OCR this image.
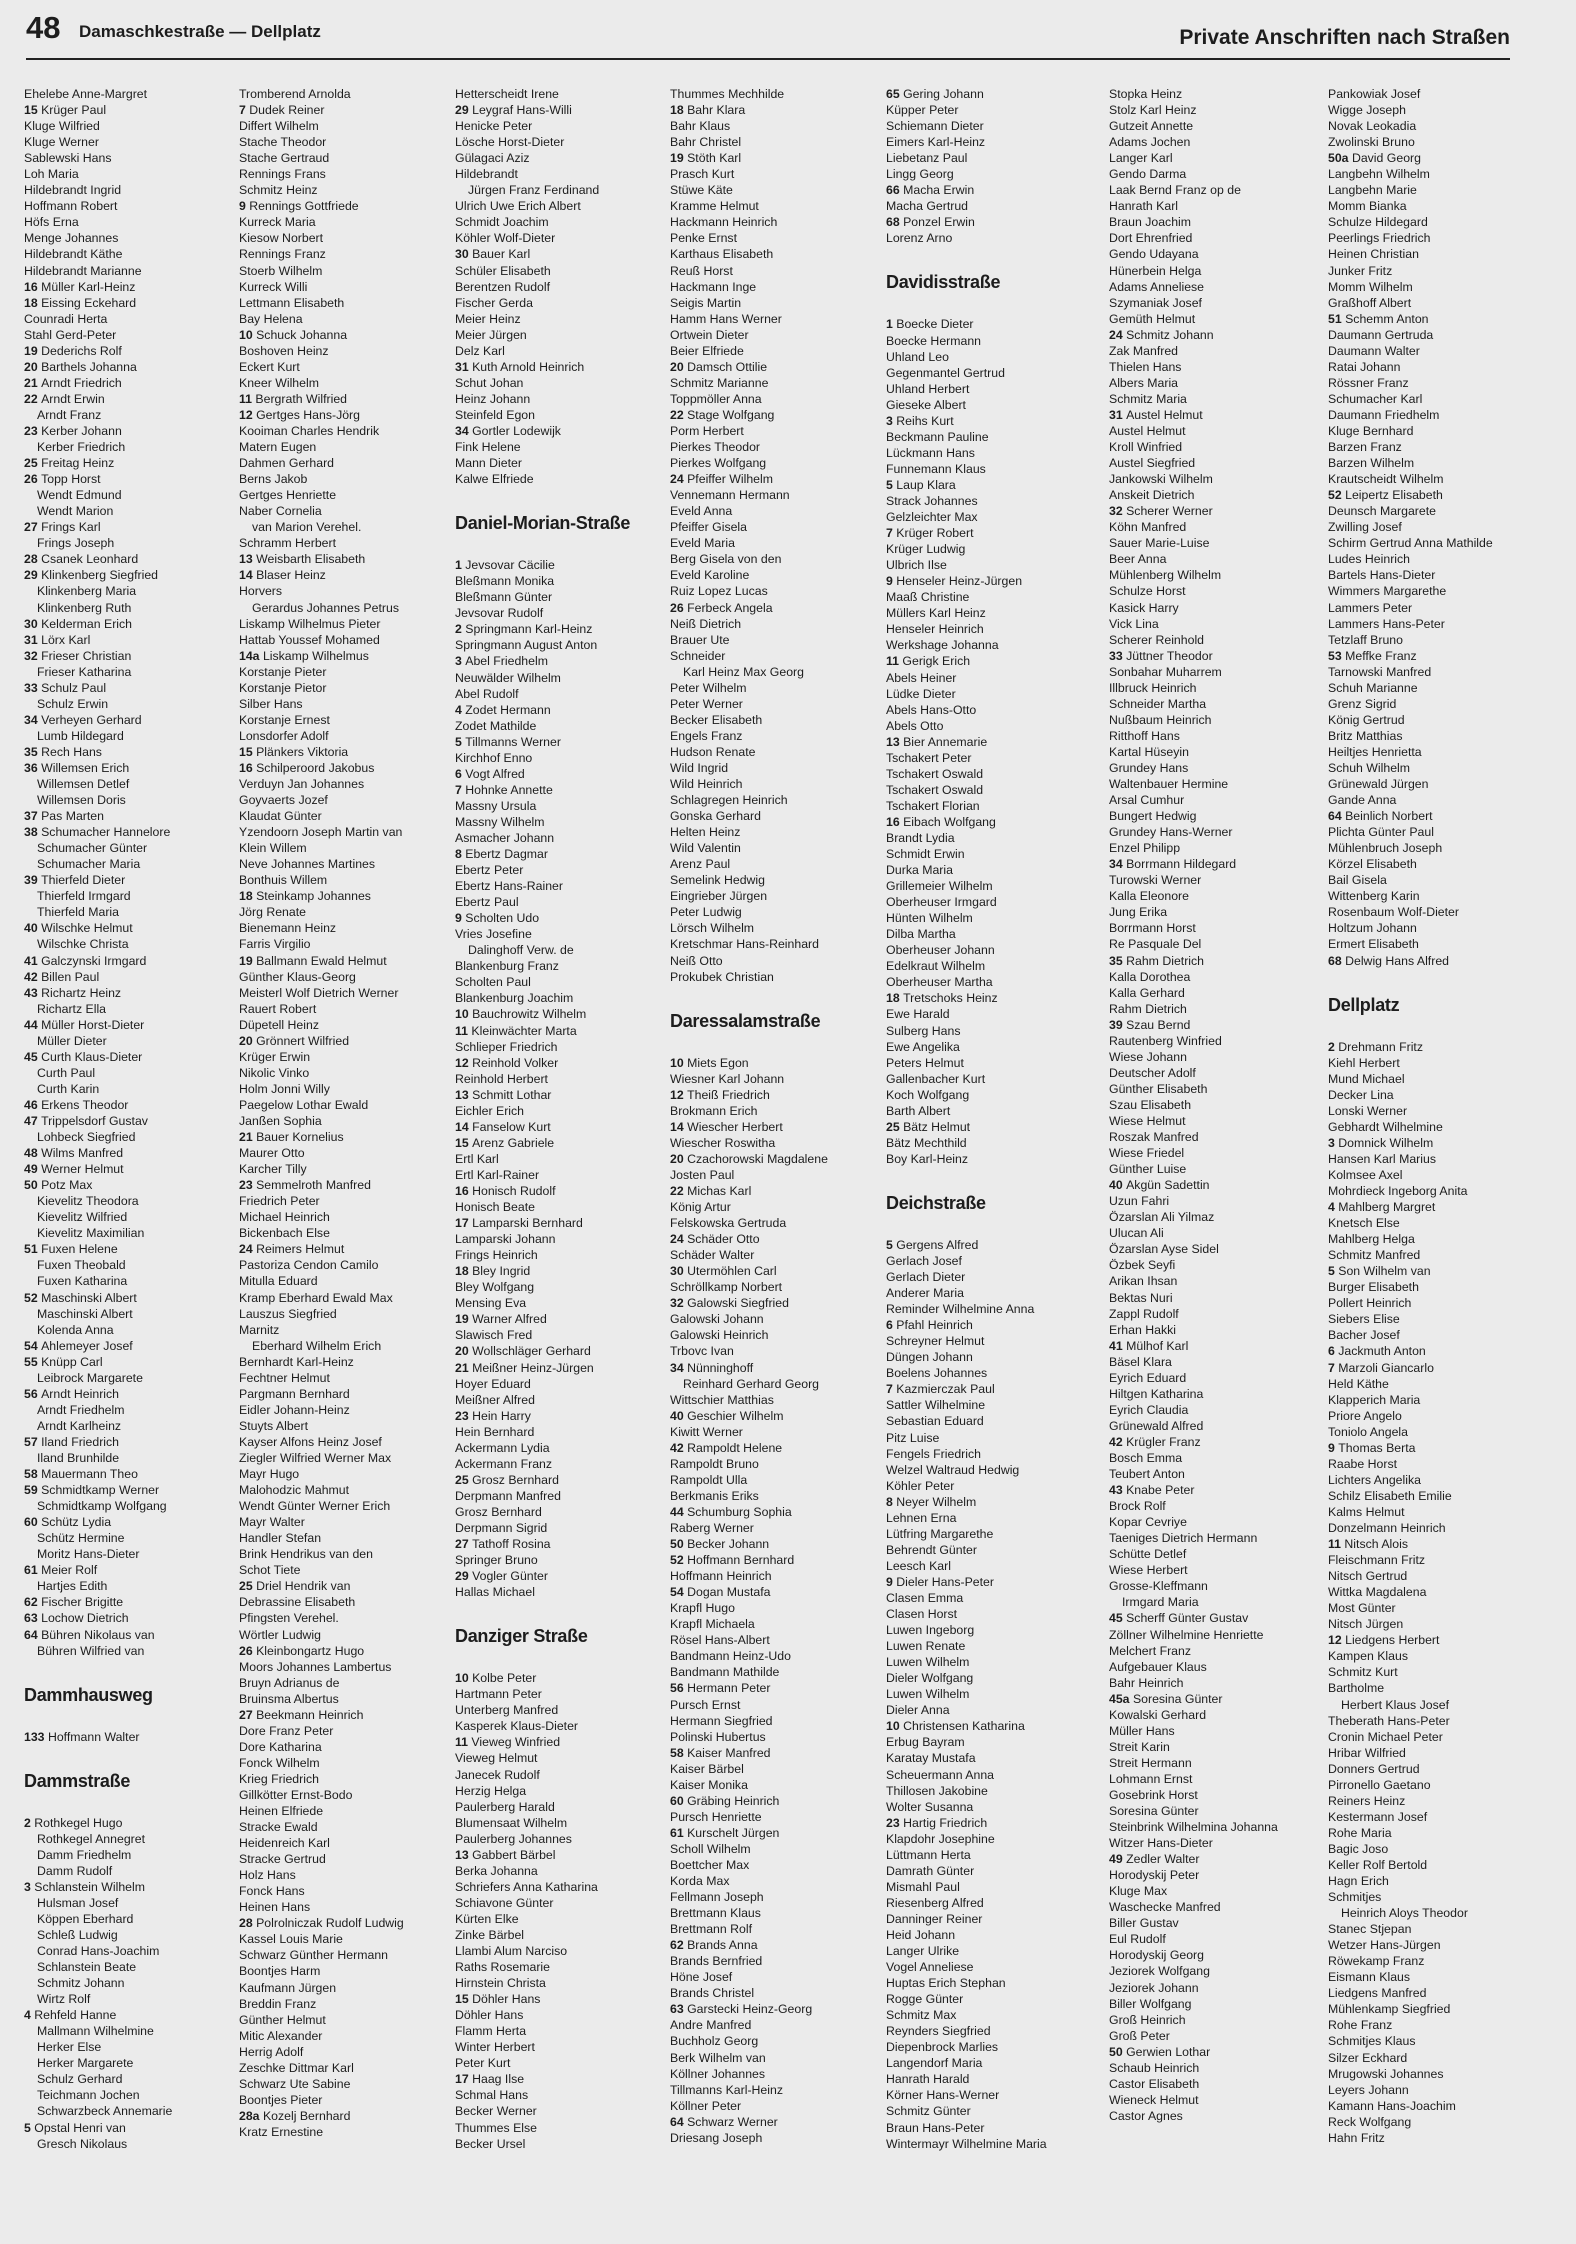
48 Damaschkestraße — Dellplatz	Private Anschriften nach Straßen
Ehelebe Anne-Margret
15 Krüger Paul
Kluge Wilfried
Kluge Werner
Sablewski Hans
Loh Maria
Hildebrandt Ingrid
Hoffmann Robert
Höfs Erna
Menge Johannes
Hildebrandt Käthe
Hildebrandt Marianne
16 Müller Karl-Heinz
18 Eissing Eckehard
Counradi Herta
Stahl Gerd-Peter
19 Dederichs Rolf
20 Barthels Johanna
21 Arndt Friedrich
22 Arndt Erwin
Arndt Franz
23 Kerber Johann
Kerber Friedrich
25 Freitag Heinz
26 Topp Horst
Wendt Edmund
Wendt Marion
27 Frings Karl
Frings Joseph
28 Csanek Leonhard
29 Klinkenberg Siegfried
Klinkenberg Maria
Klinkenberg Ruth
30 Kelderman Erich
31 Lörx Karl
32 Frieser Christian
Frieser Katharina
33 Schulz Paul
Schulz Erwin
34 Verheyen Gerhard
Lumb Hildegard
35 Rech Hans
36 Willemsen Erich
Willemsen Detlef
Willemsen Doris
37 Pas Marten
38 Schumacher Hannelore
Schumacher Günter
Schumacher Maria
39 Thierfeld Dieter
Thierfeld Irmgard
Thierfeld Maria
40 Wilschke Helmut
Wilschke Christa
41 Galczynski Irmgard
42 Billen Paul
43 Richartz Heinz
Richartz Ella
44 Müller Horst-Dieter
Müller Dieter
45 Curth Klaus-Dieter
Curth Paul
Curth Karin
46 Erkens Theodor
47 Trippelsdorf Gustav
Lohbeck Siegfried
48 Wilms Manfred
49 Werner Helmut
50 Potz Max
Kievelitz Theodora
Kievelitz Wilfried
Kievelitz Maximilian
51 Fuxen Helene
Fuxen Theobald
Fuxen Katharina
52 Maschinski Albert
Maschinski Albert
Kolenda Anna
54 Ahlemeyer Josef
55 Knüpp Carl
Leibrock Margarete
56 Arndt Heinrich
Arndt Friedhelm
Arndt Karlheinz
57 Iland Friedrich
Iland Brunhilde
58 Mauermann Theo
59 Schmidtkamp Werner
Schmidtkamp Wolfgang
60 Schütz Lydia
Schütz Hermine
Moritz Hans-Dieter
61 Meier Rolf
Hartjes Edith
62 Fischer Brigitte
63 Lochow Dietrich
64 Bühren Nikolaus van
Bühren Wilfried van
Dammhausweg
133 Hoffmann Walter
Dammstraße
2 Rothkegel Hugo
Rothkegel Annegret
Damm Friedhelm
Damm Rudolf
3 Schlanstein Wilhelm
Hulsman Josef
Köppen Eberhard
Schleß Ludwig
Conrad Hans-Joachim
Schlanstein Beate
Schmitz Johann
Wirtz Rolf
4 Rehfeld Hanne
Mallmann Wilhelmine
Herker Else
Herker Margarete
Schulz Gerhard
Teichmann Jochen
Schwarzbeck Annemarie
5 Opstal Henri van
Gresch Nikolaus
Tromberend Arnolda
7 Dudek Reiner
Differt Wilhelm
Stache Theodor
Stache Gertraud
Rennings Frans
Schmitz Heinz
9 Rennings Gottfriede
Kurreck Maria
Kiesow Norbert
Rennings Franz
Stoerb Wilhelm
Kurreck Willi
Lettmann Elisabeth
Bay Helena
10 Schuck Johanna
Boshoven Heinz
Eckert Kurt
Kneer Wilhelm
11 Bergrath Wilfried
12 Gertges Hans-Jörg
Kooiman Charles Hendrik
Matern Eugen
Dahmen Gerhard
Berns Jakob
Gertges Henriette
Naber Cornelia
van Marion Verehel.
Schramm Herbert
13 Weisbarth Elisabeth
14 Blaser Heinz
Horvers
Gerardus Johannes Petrus
Liskamp Wilhelmus Pieter
Hattab Youssef Mohamed
14a Liskamp Wilhelmus
Korstanje Pieter
Korstanje Pietor
Silber Hans
Korstanje Ernest
Lonsdorfer Adolf
15 Plänkers Viktoria
16 Schilperoord Jakobus
Verduyn Jan Johannes
Goyvaerts Jozef
Klaudat Günter
Yzendoorn Joseph Martin van
Klein Willem
Neve Johannes Martines
Bonthuis Willem
18 Steinkamp Johannes
Jörg Renate
Bienemann Heinz
Farris Virgilio
19 Ballmann Ewald Helmut
Günther Klaus-Georg
Meisterl Wolf Dietrich Werner
Rauert Robert
Düpetell Heinz
20 Grönnert Wilfried
Krüger Erwin
Nikolic Vinko
Holm Jonni Willy
Paegelow Lothar Ewald
Janßen Sophia
21 Bauer Kornelius
Maurer Otto
Karcher Tilly
23 Semmelroth Manfred
Friedrich Peter
Michael Heinrich
Bickenbach Else
24 Reimers Helmut
Pastoriza Cendon Camilo
Mitulla Eduard
Kramp Eberhard Ewald Max
Lauszus Siegfried
Marnitz
Eberhard Wilhelm Erich
Bernhardt Karl-Heinz
Fechtner Helmut
Pargmann Bernhard
Eidler Johann-Heinz
Stuyts Albert
Kayser Alfons Heinz Josef
Ziegler Wilfried Werner Max
Mayr Hugo
Malohodzic Mahmut
Wendt Günter Werner Erich
Mayr Walter
Handler Stefan
Brink Hendrikus van den
Schot Tiete
25 Driel Hendrik van
Debrassine Elisabeth
Pfingsten Verehel.
Wörtler Ludwig
26 Kleinbongartz Hugo
Moors Johannes Lambertus
Bruyn Adrianus de
Bruinsma Albertus
27 Beekmann Heinrich
Dore Franz Peter
Dore Katharina
Fonck Wilhelm
Krieg Friedrich
Gillkötter Ernst-Bodo
Heinen Elfriede
Stracke Ewald
Heidenreich Karl
Stracke Gertrud
Holz Hans
Fonck Hans
Heinen Hans
28 Polrolniczak Rudolf Ludwig
Kassel Louis Marie
Schwarz Günther Hermann
Boontjes Harm
Kaufmann Jürgen
Breddin Franz
Günther Helmut
Mitic Alexander
Herrig Adolf
Zeschke Dittmar Karl
Schwarz Ute Sabine
Boontjes Pieter
28a Kozelj Bernhard
Kratz Ernestine
Hetterscheidt Irene
29 Leygraf Hans-Willi
Henicke Peter
Lösche Horst-Dieter
Gülagaci Aziz
Hildebrandt
Jürgen Franz Ferdinand
Ulrich Uwe Erich Albert
Schmidt Joachim
Köhler Wolf-Dieter
30 Bauer Karl
Schüler Elisabeth
Berentzen Rudolf
Fischer Gerda
Meier Heinz
Meier Jürgen
Delz Karl
31 Kuth Arnold Heinrich
Schut Johan
Heinz Johann
Steinfeld Egon
34 Gortler Lodewijk
Fink Helene
Mann Dieter
Kalwe Elfriede
Daniel-Morian-Straße
1 Jevsovar Cäcilie
Bleßmann Monika
Bleßmann Günter
Jevsovar Rudolf
2 Springmann Karl-Heinz
Springmann August Anton
3 Abel Friedhelm
Neuwälder Wilhelm
Abel Rudolf
4 Zodet Hermann
Zodet Mathilde
5 Tillmanns Werner
Kirchhof Enno
6 Vogt Alfred
7 Hohnke Annette
Massny Ursula
Massny Wilhelm
Asmacher Johann
8 Ebertz Dagmar
Ebertz Peter
Ebertz Hans-Rainer
Ebertz Paul
9 Scholten Udo
Vries Josefine
Dalinghoff Verw. de
Blankenburg Franz
Scholten Paul
Blankenburg Joachim
10 Bauchrowitz Wilhelm
11 Kleinwächter Marta
Schlieper Friedrich
12 Reinhold Volker
Reinhold Herbert
13 Schmitt Lothar
Eichler Erich
14 Fanselow Kurt
15 Arenz Gabriele
Ertl Karl
Ertl Karl-Rainer
16 Honisch Rudolf
Honisch Beate
17 Lamparski Bernhard
Lamparski Johann
Frings Heinrich
18 Bley Ingrid
Bley Wolfgang
Mensing Eva
19 Warner Alfred
Slawisch Fred
20 Wollschläger Gerhard
21 Meißner Heinz-Jürgen
Hoyer Eduard
Meißner Alfred
23 Hein Harry
Hein Bernhard
Ackermann Lydia
Ackermann Franz
25 Grosz Bernhard
Derpmann Manfred
Grosz Bernhard
Derpmann Sigrid
27 Tathoff Rosina
Springer Bruno
29 Vogler Günter
Hallas Michael
Danziger Straße
10 Kolbe Peter
Hartmann Peter
Unterberg Manfred
Kasperek Klaus-Dieter
11 Vieweg Winfried
Vieweg Helmut
Janecek Rudolf
Herzig Helga
Paulerberg Harald
Blumensaat Wilhelm
Paulerberg Johannes
13 Gabbert Bärbel
Berka Johanna
Schriefers Anna Katharina
Schiavone Günter
Kürten Elke
Zinke Bärbel
Llambi Alum Narciso
Raths Rosemarie
Hirnstein Christa
15 Döhler Hans
Döhler Hans
Flamm Herta
Winter Herbert
Peter Kurt
17 Haag Ilse
Schmal Hans
Becker Werner
Thummes Else
Becker Ursel
Thummes Mechhilde
18 Bahr Klara
Bahr Klaus
Bahr Christel
19 Stöth Karl
Prasch Kurt
Stüwe Käte
Kramme Helmut
Hackmann Heinrich
Penke Ernst
Karthaus Elisabeth
Reuß Horst
Hackmann Inge
Seigis Martin
Hamm Hans Werner
Ortwein Dieter
Beier Elfriede
20 Damsch Ottilie
Schmitz Marianne
Toppmöller Anna
22 Stage Wolfgang
Porm Herbert
Pierkes Theodor
Pierkes Wolfgang
24 Pfeiffer Wilhelm
Vennemann Hermann
Eveld Anna
Pfeiffer Gisela
Eveld Maria
Berg Gisela von den
Eveld Karoline
Ruiz Lopez Lucas
26 Ferbeck Angela
Neiß Dietrich
Brauer Ute
Schneider
Karl Heinz Max Georg
Peter Wilhelm
Peter Werner
Becker Elisabeth
Engels Franz
Hudson Renate
Wild Ingrid
Wild Heinrich
Schlagregen Heinrich
Gonska Gerhard
Helten Heinz
Wild Valentin
Arenz Paul
Semelink Hedwig
Eingrieber Jürgen
Peter Ludwig
Lörsch Wilhelm
Kretschmar Hans-Reinhard
Neiß Otto
Prokubek Christian
Daressalamstraße
10 Miets Egon
Wiesner Karl Johann
12 Theiß Friedrich
Brokmann Erich
14 Wiescher Herbert
Wiescher Roswitha
20 Czachorowski Magdalene
Josten Paul
22 Michas Karl
König Artur
Felskowska Gertruda
24 Schäder Otto
Schäder Walter
30 Utermöhlen Carl
Schröllkamp Norbert
32 Galowski Siegfried
Galowski Johann
Galowski Heinrich
Trbovc Ivan
34 Nünninghoff
Reinhard Gerhard Georg
Wittschier Matthias
40 Geschier Wilhelm
Kiwitt Werner
42 Rampoldt Helene
Rampoldt Bruno
Rampoldt Ulla
Berkmanis Eriks
44 Schumburg Sophia
Raberg Werner
50 Becker Johann
52 Hoffmann Bernhard
Hoffmann Heinrich
54 Dogan Mustafa
Krapfl Hugo
Krapfl Michaela
Rösel Hans-Albert
Bandmann Heinz-Udo
Bandmann Mathilde
56 Hermann Peter
Pursch Ernst
Hermann Siegfried
Polinski Hubertus
58 Kaiser Manfred
Kaiser Bärbel
Kaiser Monika
60 Gräbing Heinrich
Pursch Henriette
61 Kurschelt Jürgen
Scholl Wilhelm
Boettcher Max
Korda Max
Fellmann Joseph
Brettmann Klaus
Brettmann Rolf
62 Brands Anna
Brands Bernfried
Höne Josef
Brands Christel
63 Garstecki Heinz-Georg
Andre Manfred
Buchholz Georg
Berk Wilhelm van
Köllner Johannes
Tillmanns Karl-Heinz
Köllner Peter
64 Schwarz Werner
Driesang Joseph
65 Gering Johann
Küpper Peter
Schiemann Dieter
Eimers Karl-Heinz
Liebetanz Paul
Lingg Georg
66 Macha Erwin
Macha Gertrud
68 Ponzel Erwin
Lorenz Arno
Davidisstraße
1 Boecke Dieter
Boecke Hermann
Uhland Leo
Gegenmantel Gertrud
Uhland Herbert
Gieseke Albert
3 Reihs Kurt
Beckmann Pauline
Lückmann Hans
Funnemann Klaus
5 Laup Klara
Strack Johannes
Gelzleichter Max
7 Krüger Robert
Krüger Ludwig
Ulbrich Ilse
9 Henseler Heinz-Jürgen
Maaß Christine
Müllers Karl Heinz
Henseler Heinrich
Werkshage Johanna
11 Gerigk Erich
Abels Heiner
Lüdke Dieter
Abels Hans-Otto
Abels Otto
13 Bier Annemarie
Tschakert Peter
Tschakert Oswald
Tschakert Oswald
Tschakert Florian
16 Eibach Wolfgang
Brandt Lydia
Schmidt Erwin
Durka Maria
Grillemeier Wilhelm
Oberheuser Irmgard
Hünten Wilhelm
Dilba Martha
Oberheuser Johann
Edelkraut Wilhelm
Oberheuser Martha
18 Tretschoks Heinz
Ewe Harald
Sulberg Hans
Ewe Angelika
Peters Helmut
Gallenbacher Kurt
Koch Wolfgang
Barth Albert
25 Bätz Helmut
Bätz Mechthild
Boy Karl-Heinz
Deichstraße
5 Gergens Alfred
Gerlach Josef
Gerlach Dieter
Anderer Maria
Reminder Wilhelmine Anna
6 Pfahl Heinrich
Schreyner Helmut
Düngen Johann
Boelens Johannes
7 Kazmierczak Paul
Sattler Wilhelmine
Sebastian Eduard
Pitz Luise
Fengels Friedrich
Welzel Waltraud Hedwig
Köhler Peter
8 Neyer Wilhelm
Lehnen Erna
Lütfring Margarethe
Behrendt Günter
Leesch Karl
9 Dieler Hans-Peter
Clasen Emma
Clasen Horst
Luwen Ingeborg
Luwen Renate
Luwen Wilhelm
Dieler Wolfgang
Luwen Wilhelm
Dieler Anna
10 Christensen Katharina
Erbug Bayram
Karatay Mustafa
Scheuermann Anna
Thillosen Jakobine
Wolter Susanna
23 Hartig Friedrich
Klapdohr Josephine
Lüttmann Herta
Damrath Günter
Mismahl Paul
Riesenberg Alfred
Danninger Reiner
Heid Johann
Langer Ulrike
Vogel Anneliese
Huptas Erich Stephan
Rogge Günter
Schmitz Max
Reynders Siegfried
Diepenbrock Marlies
Langendorf Maria
Hanrath Harald
Körner Hans-Werner
Schmitz Günter
Braun Hans-Peter
Wintermayr Wilhelmine Maria
Stopka Heinz
Stolz Karl Heinz
Gutzeit Annette
Adams Jochen
Langer Karl
Gendo Darma
Laak Bernd Franz op de
Hanrath Karl
Braun Joachim
Dort Ehrenfried
Gendo Udayana
Hünerbein Helga
Adams Anneliese
Szymaniak Josef
Gemüth Helmut
24 Schmitz Johann
Zak Manfred
Thielen Hans
Albers Maria
Schmitz Maria
31 Austel Helmut
Austel Helmut
Kroll Winfried
Austel Siegfried
Jankowski Wilhelm
Anskeit Dietrich
32 Scherer Werner
Köhn Manfred
Sauer Marie-Luise
Beer Anna
Mühlenberg Wilhelm
Schulze Horst
Kasick Harry
Vick Lina
Scherer Reinhold
33 Jüttner Theodor
Sonbahar Muharrem
Illbruck Heinrich
Schneider Martha
Nußbaum Heinrich
Ritthoff Hans
Kartal Hüseyin
Grundey Hans
Waltenbauer Hermine
Arsal Cumhur
Bungert Hedwig
Grundey Hans-Werner
Enzel Philipp
34 Borrmann Hildegard
Turowski Werner
Kalla Eleonore
Jung Erika
Borrmann Horst
Re Pasquale Del
35 Rahm Dietrich
Kalla Dorothea
Kalla Gerhard
Rahm Dietrich
39 Szau Bernd
Rautenberg Winfried
Wiese Johann
Deutscher Adolf
Günther Elisabeth
Szau Elisabeth
Wiese Helmut
Roszak Manfred
Wiese Friedel
Günther Luise
40 Akgün Sadettin
Uzun Fahri
Özarslan Ali Yilmaz
Ulucan Ali
Özarslan Ayse Sidel
Özbek Seyfi
Arikan Ihsan
Bektas Nuri
Zappl Rudolf
Erhan Hakki
41 Mülhof Karl
Bäsel Klara
Eyrich Eduard
Hiltgen Katharina
Eyrich Claudia
Grünewald Alfred
42 Krügler Franz
Bosch Emma
Teubert Anton
43 Knabe Peter
Brock Rolf
Kopar Cevriye
Taeniges Dietrich Hermann
Schütte Detlef
Wiese Herbert
Grosse-Kleffmann
Irmgard Maria
45 Scherff Günter Gustav
Zöllner Wilhelmine Henriette
Melchert Franz
Aufgebauer Klaus
Bahr Heinrich
45a Soresina Günter
Kowalski Gerhard
Müller Hans
Streit Karin
Streit Hermann
Lohmann Ernst
Gosebrink Horst
Soresina Günter
Steinbrink Wilhelmina Johanna
Witzer Hans-Dieter
49 Zedler Walter
Horodyskij Peter
Kluge Max
Waschecke Manfred
Biller Gustav
Eul Rudolf
Horodyskij Georg
Jeziorek Wolfgang
Jeziorek Johann
Biller Wolfgang
Groß Heinrich
Groß Peter
50 Gerwien Lothar
Schaub Heinrich
Castor Elisabeth
Wieneck Helmut
Castor Agnes
Pankowiak Josef
Wigge Joseph
Novak Leokadia
Zwolinski Bruno
50a David Georg
Langbehn Wilhelm
Langbehn Marie
Momm Bianka
Schulze Hildegard
Peerlings Friedrich
Heinen Christian
Junker Fritz
Momm Wilhelm
Graßhoff Albert
51 Schemm Anton
Daumann Gertruda
Daumann Walter
Ratai Johann
Rössner Franz
Schumacher Karl
Daumann Friedhelm
Kluge Bernhard
Barzen Franz
Barzen Wilhelm
Krautscheidt Wilhelm
52 Leipertz Elisabeth
Deunsch Margarete
Zwilling Josef
Schirm Gertrud Anna Mathilde
Ludes Heinrich
Bartels Hans-Dieter
Wimmers Margarethe
Lammers Peter
Lammers Hans-Peter
Tetzlaff Bruno
53 Meffke Franz
Tarnowski Manfred
Schuh Marianne
Grenz Sigrid
König Gertrud
Britz Matthias
Heiltjes Henrietta
Schuh Wilhelm
Grünewald Jürgen
Gande Anna
64 Beinlich Norbert
Plichta Günter Paul
Mühlenbruch Joseph
Körzel Elisabeth
Bail Gisela
Wittenberg Karin
Rosenbaum Wolf-Dieter
Holtzum Johann
Ermert Elisabeth
68 Delwig Hans Alfred
Dellplatz
2 Drehmann Fritz
Kiehl Herbert
Mund Michael
Decker Lina
Lonski Werner
Gebhardt Wilhelmine
3 Domnick Wilhelm
Hansen Karl Marius
Kolmsee Axel
Mohrdieck Ingeborg Anita
4 Mahlberg Margret
Knetsch Else
Mahlberg Helga
Schmitz Manfred
5 Son Wilhelm van
Burger Elisabeth
Pollert Heinrich
Siebers Elise
Bacher Josef
6 Jackmuth Anton
7 Marzoli Giancarlo
Held Käthe
Klapperich Maria
Priore Angelo
Toniolo Angela
9 Thomas Berta
Raabe Horst
Lichters Angelika
Schilz Elisabeth Emilie
Kalms Helmut
Donzelmann Heinrich
11 Nitsch Alois
Fleischmann Fritz
Nitsch Gertrud
Wittka Magdalena
Most Günter
Nitsch Jürgen
12 Liedgens Herbert
Kampen Klaus
Schmitz Kurt
Bartholme
Herbert Klaus Josef
Theberath Hans-Peter
Cronin Michael Peter
Hribar Wilfried
Donners Gertrud
Pirronello Gaetano
Reiners Heinz
Kestermann Josef
Rohe Maria
Bagic Joso
Keller Rolf Bertold
Hagn Erich
Schmitjes
Heinrich Aloys Theodor
Stanec Stjepan
Wetzer Hans-Jürgen
Röwekamp Franz
Eismann Klaus
Liedgens Manfred
Mühlenkamp Siegfried
Rohe Franz
Schmitjes Klaus
Silzer Eckhard
Mrugowski Johannes
Leyers Johann
Kamann Hans-Joachim
Reck Wolfgang
Hahn Fritz
